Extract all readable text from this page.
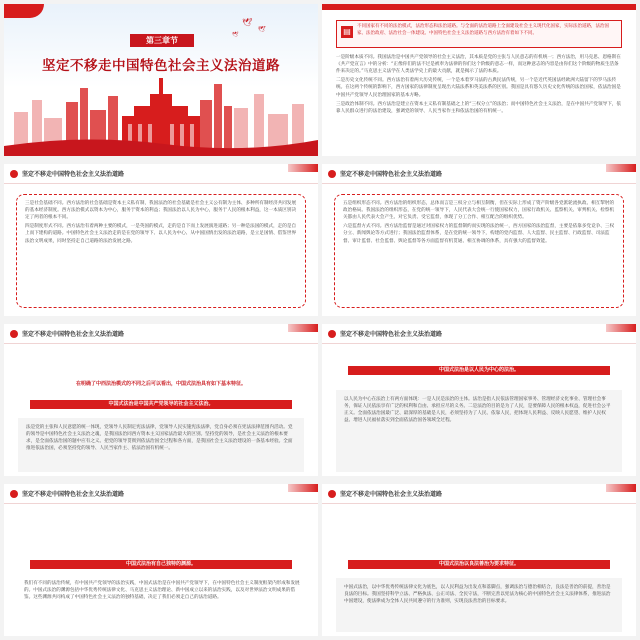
🕊
🕊
🕊
第三章节
坚定不移走中国特色社会主义法治道路
▤

不同国家有不同的法治模式，法治形态和法治道路。与全面的法治道路上全面建设社会主义现代化国家，实际法治道路，法治国家、法治政府、法治社会一体建设。中国特色社会主义法治道路与西方法治有着如下不同。

一是阶级本质不同。我国法治是中国共产党领导的社会主义法治，其本质是党的主张与人民意志的有机统一；西方法治，用马克思、恩格斯在《共产党宣言》中的分析：“正像你们的法不过是被奉为法律的你们这个阶级的意志一样，而这种意志的内容是由你们这个阶级的物质生活条件来决定的。”马克思主义法学在人类法学史上的最大贡献，就是揭示了法的本质。

二是历史文化传统不同。西方法治有着两大历史传统，一个是本着罗马法的古典民法传统，另一个是近代英国法经欧洲大陆留下的罗马法传统。在这两个传统的影响下，西方国家的法律制度呈现出大陆法系和英美法系的区别。我国是具有悠久历史文化传统的法治国家，依法治国是中国共产党领导人民治理国家的基本方略。

三是政治体制不同。西方法治是建立在资本主义私有制基础之上的“三权分立”的法治；而中国特色社会主义法治，是在中国共产党领导下，依靠人民群众进行的法治建设，强调党的领导、人民当家作主和依法治国的有机统一。

坚定不移走中国特色社会主义法治道路

三是社会基础不同。西方法治的社会基础是资本主义私有制，我国法治的社会基础是社会主义公有制为主体、多种所有制经济共同发展的基本经济制度。西方法治模式以资本为中心，服务于资本的利益；我国法治以人民为中心，服务于人民的根本利益，这一本质区别决定了两者的根本不同。

四是制度形式不同。西方法治有着两种主要的模式，一是英国的模式，走的是自下而上发展演进道路；另一种是法国的模式，走的是自上而下建构的道路。中国特色社会主义法治走的是在党的领导下、以人民为中心、从中国国情出发的法治道路，是立足国情、借鉴世界法治文明成果，同时坚持走自己道路的法治发展之路。

坚定不移走中国特色社会主义法治道路

五是组织形态不同。西方法治的组织形态，总体而言是三权分立与相互制衡，但在实际上形成了资产阶级各党派轮流执政、相互掣肘的政治格局。我国法治的组织形态，在党的统一领导下，人民代表大会统一行使国家权力，国家行政机关、监察机关、审判机关、检察机关都由人民代表大会产生、对它负责、受它监督，体现了分工合作、相互配合的组织优势。

六是监督方式不同。西方法治监督是通过对国家权力的监督制约而实现的法治统一，西方国家的法治监督，主要是依靠多党竞争、三权分立、新闻舆论等方式进行；我国法治监督体系，是在党的统一领导下，构建的党内监督、人大监督、民主监督、行政监督、司法监督、审计监督、社会监督、舆论监督等各方面监督有机贯通、相互协调的体系，具有强大的监督效能。

坚定不移走中国特色社会主义法治道路
在明确了中西法治模式的不同之后可以看出，中国式法治具有如下基本特征。
中国式法治是中国共产党领导的社会主义法治。
法是党的主张和人民意愿的统一体现，党领导人民制定宪法法律，党领导人民实施宪法法律，党自身必须在宪法法律范围内活动。党的领导是中国特色社会主义法治之魂，是我国法治同西方资本主义国家法治最大的区别。坚持党的领导，是社会主义法治的根本要求，是全面依法治国的题中应有之义。把党的领导贯彻到依法治国全过程和各方面，是我国社会主义法治建设的一条基本经验。全面推进依法治国，必须坚持党的领导、人民当家作主、依法治国有机统一。
坚定不移走中国特色社会主义法治道路
中国式法治是以人民为中心的法治。
以人民为中心在法治上有两方面体现：一是人民是法治的主体。法治是指人民依法管理国家事务、管理经济文化事业、管理社会事务，保证人民依法享有广泛的权利和自由、承担应尽的义务。二是法治的目的是为了人民，是要保障人民的根本权益，促进社会公平正义。全面依法治国最广泛、最深厚的基础是人民，必须坚持为了人民、依靠人民，把体现人民利益、反映人民愿望、维护人民权益、增进人民福祉落实到全面依法治国各领域全过程。
坚定不移走中国特色社会主义法治道路
中国式法治有自己独特的渊源。
我们有不同的法治传统，有中国共产党领导的法治实践，中国式法治是在中国共产党领导下，在中国特色社会主义制度框架内形成和发展的。中国式法治的渊源包括中华优秀传统法律文化、马克思主义法治理论、新中国成立以来的法治实践，以及对世界法治文明成果的借鉴。这些渊源共同构成了中国特色社会主义法治的独特基础，决定了我们必须走自己的法治道路。
坚定不移走中国特色社会主义法治道路
中国式法治以良法善治为要求特征。
中国式法治，以中华优秀传统法律文化为底色，以人民利益为出发点和落脚点，强调法治与德治相结合，良法是善治的前提，善治是良法的目标。我国坚持科学立法、严格执法、公正司法、全民守法，不断完善以宪法为核心的中国特色社会主义法律体系，推进法治中国建设，使法律成为全体人民共同遵守的行为准则，实现良法善治的目标要求。
